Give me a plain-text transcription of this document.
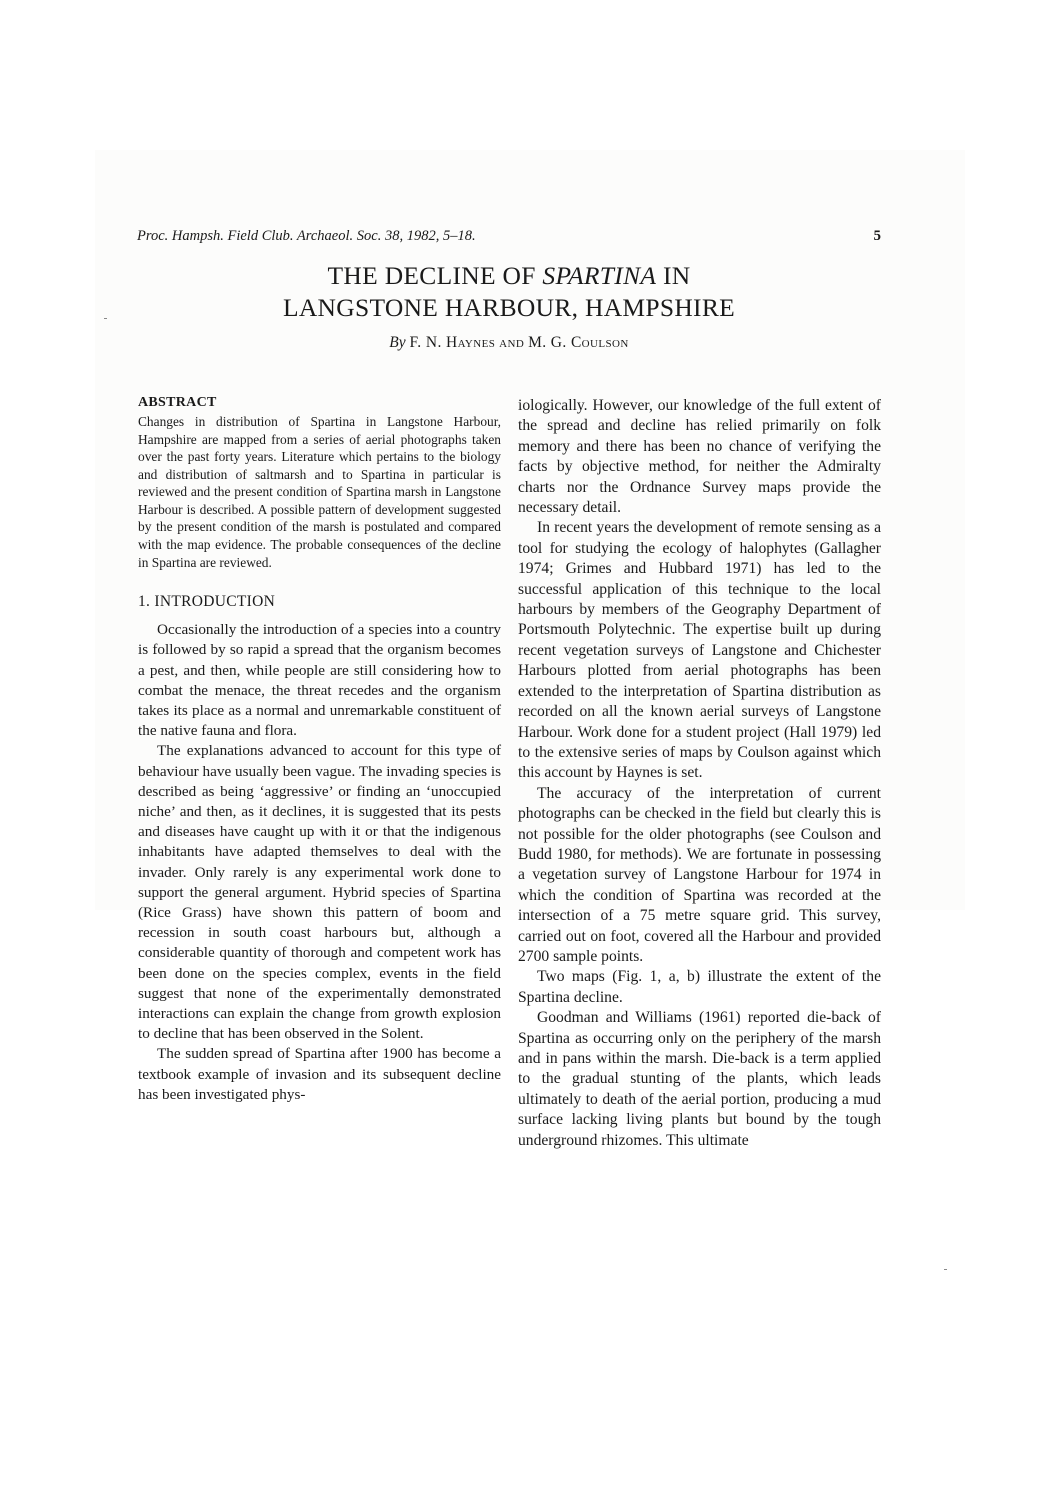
Proc. Hampsh. Field Club. Archaeol. Soc. 38, 1982, 5–18.	5
THE DECLINE OF SPARTINA IN
LANGSTONE HARBOUR, HAMPSHIRE
By F. N. Haynes and M. G. Coulson
ABSTRACT
Changes in distribution of Spartina in Langstone Harbour, Hampshire are mapped from a series of aerial photographs taken over the past forty years. Literature which pertains to the biology and distribution of saltmarsh and to Spartina in particular is reviewed and the present condition of Spartina marsh in Langstone Harbour is described. A possible pattern of development suggested by the present condition of the marsh is postulated and compared with the map evidence. The probable consequences of the decline in Spartina are reviewed.
1. INTRODUCTION

Occasionally the introduction of a species into a country is followed by so rapid a spread that the organism becomes a pest, and then, while people are still considering how to combat the menace, the threat recedes and the organism takes its place as a normal and unremarkable constituent of the native fauna and flora.

The explanations advanced to account for this type of behaviour have usually been vague. The invading species is described as being ‘aggressive’ or finding an ‘unoccupied niche’ and then, as it declines, it is suggested that its pests and diseases have caught up with it or that the indigenous inhabitants have adapted themselves to deal with the invader. Only rarely is any experimental work done to support the general argument. Hybrid species of Spartina (Rice Grass) have shown this pattern of boom and recession in south coast harbours but, although a considerable quantity of thorough and competent work has been done on the species complex, events in the field suggest that none of the experimentally demonstrated interactions can explain the change from growth explosion to decline that has been observed in the Solent.

The sudden spread of Spartina after 1900 has become a textbook example of invasion and its subsequent decline has been investigated phys-

iologically. However, our knowledge of the full extent of the spread and decline has relied primarily on folk memory and there has been no chance of verifying the facts by objective method, for neither the Admiralty charts nor the Ordnance Survey maps provide the necessary detail.

In recent years the development of remote sensing as a tool for studying the ecology of halophytes (Gallagher 1974; Grimes and Hubbard 1971) has led to the successful application of this technique to the local harbours by members of the Geography Department of Portsmouth Polytechnic. The expertise built up during recent vegetation surveys of Langstone and Chichester Harbours plotted from aerial photographs has been extended to the interpretation of Spartina distribution as recorded on all the known aerial surveys of Langstone Harbour. Work done for a student project (Hall 1979) led to the extensive series of maps by Coulson against which this account by Haynes is set.

The accuracy of the interpretation of current photographs can be checked in the field but clearly this is not possible for the older photographs (see Coulson and Budd 1980, for methods). We are fortunate in possessing a vegetation survey of Langstone Harbour for 1974 in which the condition of Spartina was recorded at the intersection of a 75 metre square grid. This survey, carried out on foot, covered all the Harbour and provided 2700 sample points.

Two maps (Fig. 1, a, b) illustrate the extent of the Spartina decline.

Goodman and Williams (1961) reported die-back of Spartina as occurring only on the periphery of the marsh and in pans within the marsh. Die-back is a term applied to the gradual stunting of the plants, which leads ultimately to death of the aerial portion, producing a mud surface lacking living plants but bound by the tough underground rhizomes. This ultimate
